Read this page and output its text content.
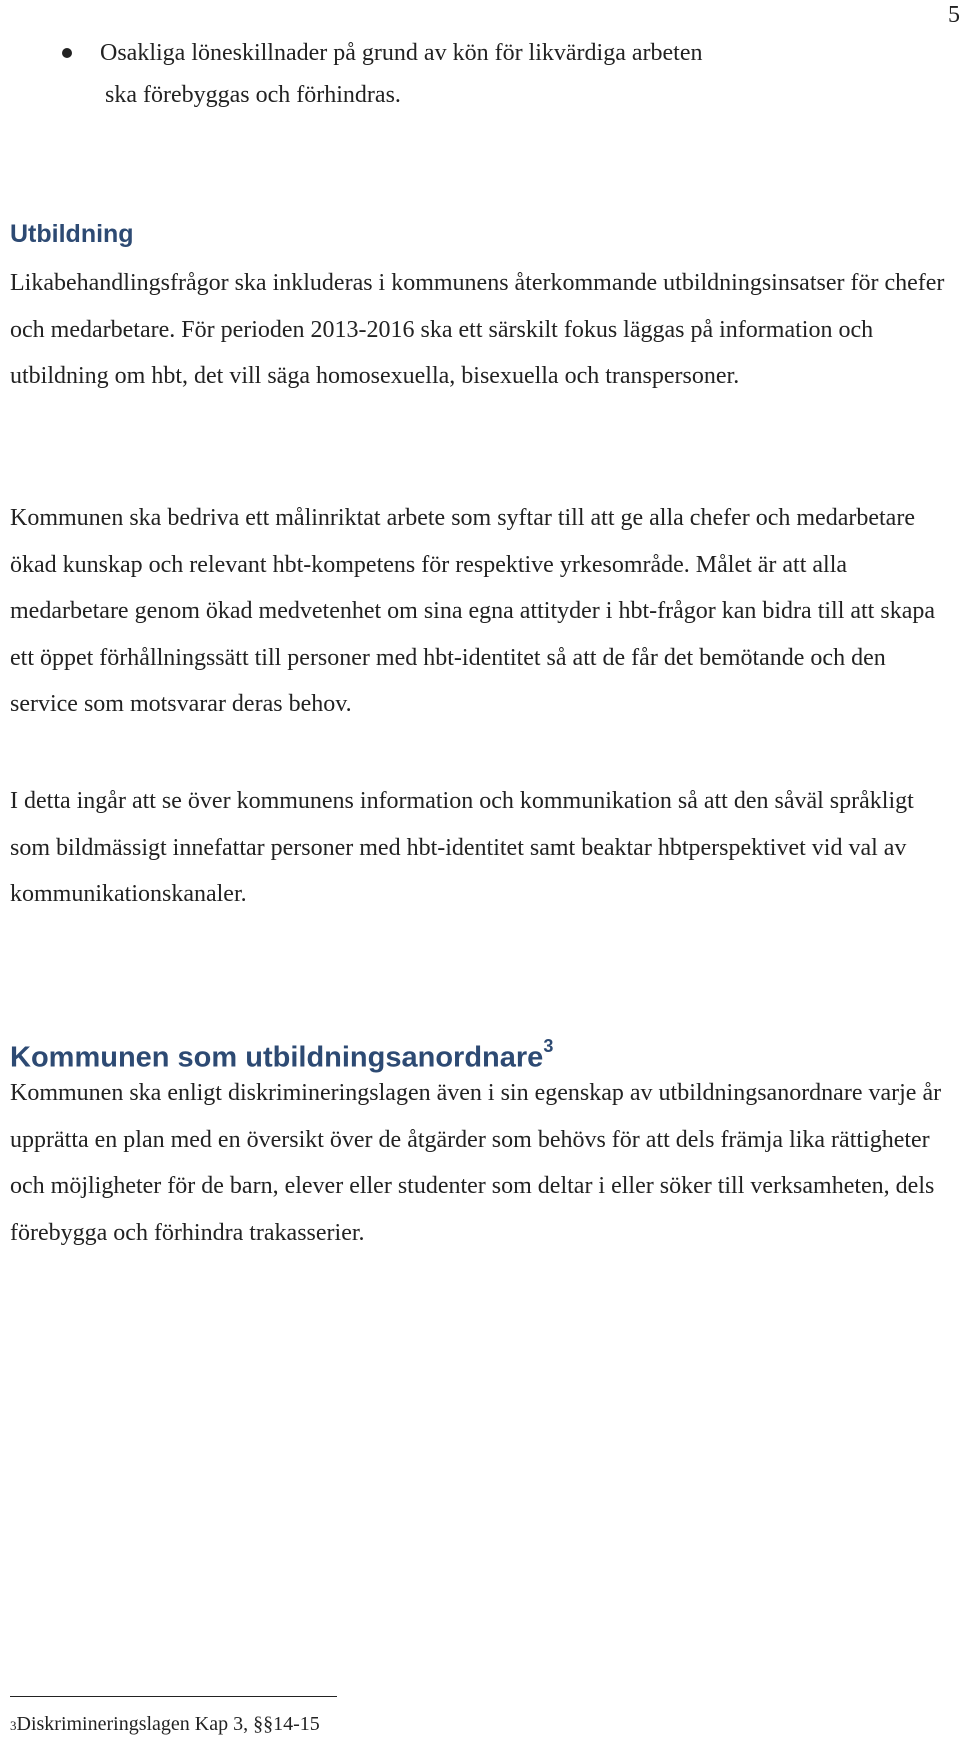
5
Osakliga löneskillnader på grund av kön för likvärdiga arbeten
ska förebyggas och förhindras.
Utbildning

Likabehandlingsfrågor ska inkluderas i kommunens återkommande utbildningsinsatser för chefer och medarbetare. För perioden 2013-2016 ska ett särskilt fokus läggas på information och utbildning om hbt, det vill säga homosexuella, bisexuella och transpersoner.

Kommunen ska bedriva ett målinriktat arbete som syftar till att ge alla chefer och medarbetare ökad kunskap och relevant hbt-kompetens för respektive yrkesområde. Målet är att alla medarbetare genom ökad medvetenhet om sina egna attityder i hbt-frågor kan bidra till att skapa ett öppet förhållningssätt till personer med hbt-identitet så att de får det bemötande och den service som motsvarar deras behov.

I detta ingår att se över kommunens information och kommunikation så att den såväl språkligt som bildmässigt innefattar personer med hbt-identitet samt beaktar hbtperspektivet vid val av kommunikationskanaler.

Kommunen som utbildningsanordnare$^3$

Kommunen ska enligt diskrimineringslagen även i sin egenskap av utbildningsanordnare varje år upprätta en plan med en översikt över de åtgärder som behövs för att dels främja lika rättigheter och möjligheter för de barn, elever eller studenter som deltar i eller söker till verksamheten, dels förebygga och förhindra trakasserier.

3Diskrimineringslagen Kap 3, §§14-15
